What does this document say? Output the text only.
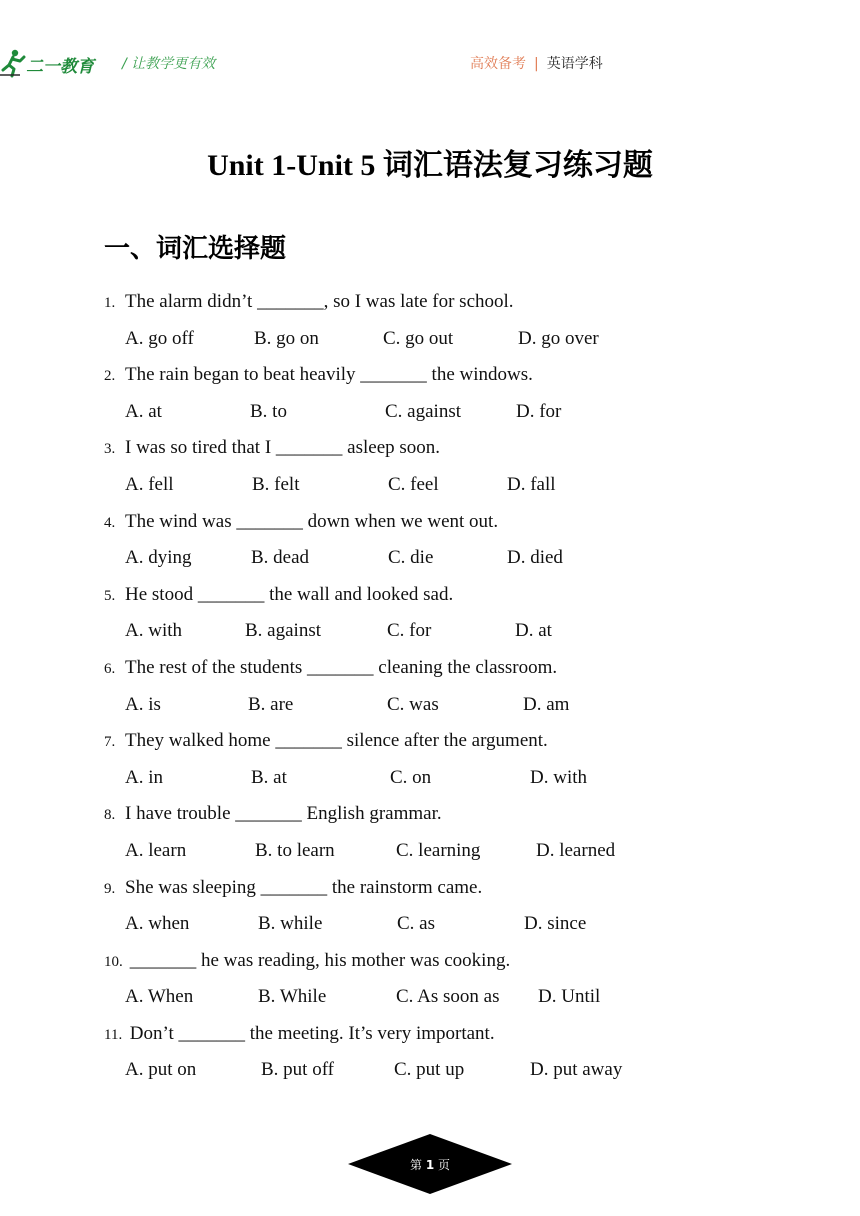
二一教育 / 让教学更有效	高效备考 | 英语学科
Unit 1-Unit 5 词汇语法复习练习题
一、词汇选择题
1. The alarm didn’t _______, so I was late for school.
A. go off	B. go on	C. go out	D. go over
2. The rain began to beat heavily _______ the windows.
A. at	B. to	C. against	D. for
3. I was so tired that I _______ asleep soon.
A. fell	B. felt	C. feel	D. fall
4. The wind was _______ down when we went out.
A. dying	B. dead	C. die	D. died
5. He stood _______ the wall and looked sad.
A. with	B. against	C. for	D. at
6. The rest of the students _______ cleaning the classroom.
A. is	B. are	C. was	D. am
7. They walked home _______ silence after the argument.
A. in	B. at	C. on	D. with
8. I have trouble _______ English grammar.
A. learn	B. to learn	C. learning	D. learned
9. She was sleeping _______ the rainstorm came.
A. when	B. while	C. as	D. since
10. _______ he was reading, his mother was cooking.
A. When	B. While	C. As soon as D. Until
11. Don’t _______ the meeting. It’s very important.
A. put on	B. put off	C. put up	D. put away
第 1 页
